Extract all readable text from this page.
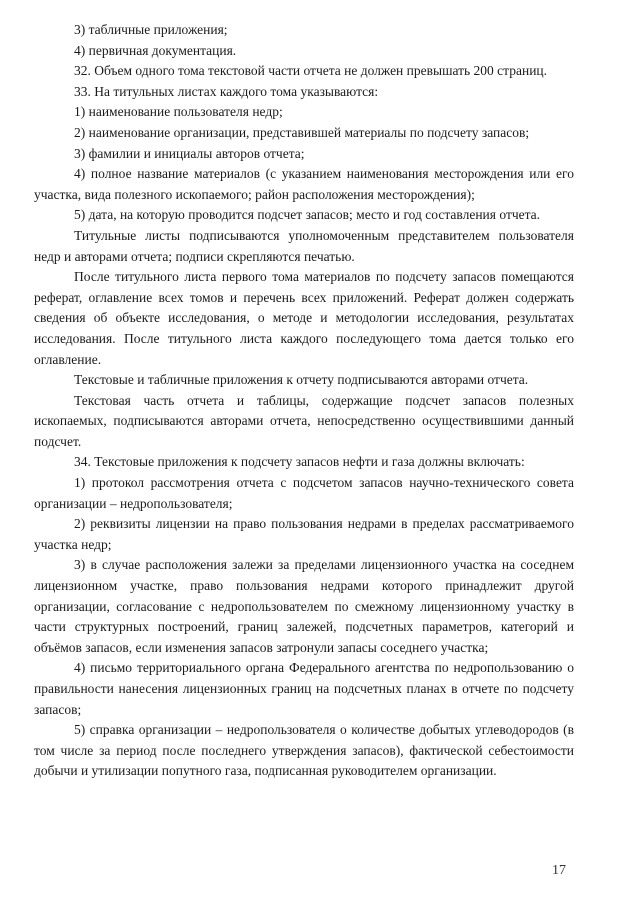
3) табличные приложения;

4) первичная документация.

32. Объем одного тома текстовой части отчета не должен превышать 200 страниц.

33. На титульных листах каждого тома указываются:

1) наименование пользователя недр;

2) наименование организации, представившей материалы по подсчету запасов;

3) фамилии и инициалы авторов отчета;

4) полное название материалов (с указанием наименования месторождения или его участка, вида полезного ископаемого; район расположения месторождения);

5) дата, на которую проводится подсчет запасов; место и год составления отчета.

Титульные листы подписываются уполномоченным представителем пользователя недр и авторами отчета; подписи скрепляются печатью.

После титульного листа первого тома материалов по подсчету запасов помещаются реферат, оглавление всех томов и перечень всех приложений. Реферат должен содержать сведения об объекте исследования, о методе и методологии исследования, результатах исследования. После титульного листа каждого последующего тома дается только его оглавление.

Текстовые и табличные приложения к отчету подписываются авторами отчета.

Текстовая часть отчета и таблицы, содержащие подсчет запасов полезных ископаемых, подписываются авторами отчета, непосредственно осуществившими данный подсчет.

34. Текстовые приложения к подсчету запасов нефти и газа должны включать:

1) протокол рассмотрения отчета с подсчетом запасов научно-технического совета организации – недропользователя;

2) реквизиты лицензии на право пользования недрами в пределах рассматриваемого участка недр;

3) в случае расположения залежи за пределами лицензионного участка на соседнем лицензионном участке, право пользования недрами которого принадлежит другой организации, согласование с недропользователем по смежному лицензионному участку в части структурных построений, границ залежей, подсчетных параметров, категорий и объёмов запасов, если изменения запасов затронули запасы соседнего участка;

4) письмо территориального органа Федерального агентства по недропользованию о правильности нанесения лицензионных границ на подсчетных планах в отчете по подсчету запасов;

5) справка организации – недропользователя о количестве добытых углеводородов (в том числе за период после последнего утверждения запасов), фактической себестоимости добычи и утилизации попутного газа, подписанная руководителем организации.

17
